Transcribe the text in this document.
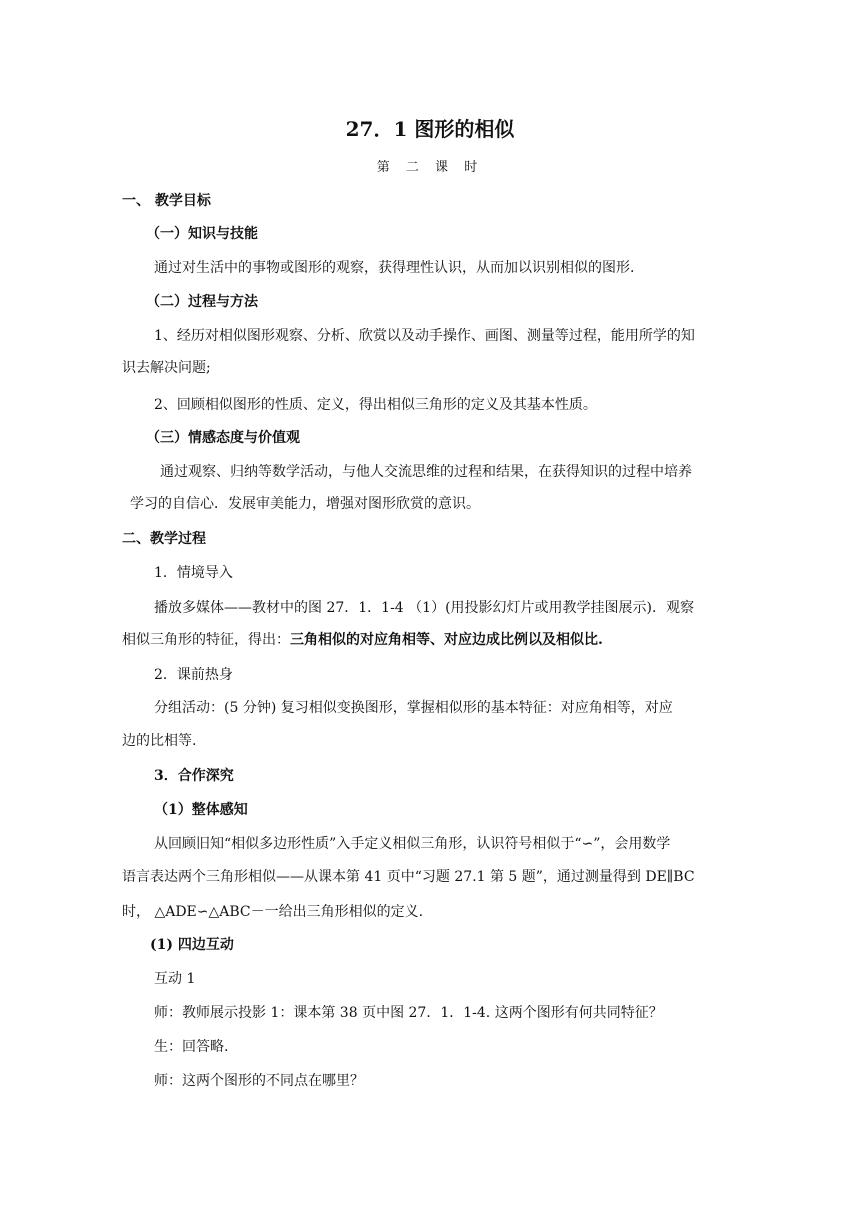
27．1 图形的相似
第 二 课 时
一、 教学目标
（一）知识与技能
通过对生活中的事物或图形的观察，获得理性认识，从而加以识别相似的图形.
（二）过程与方法
1、经历对相似图形观察、分析、欣赏以及动手操作、画图、测量等过程，能用所学的知
识去解决问题;
2、回顾相似图形的性质、定义，得出相似三角形的定义及其基本性质。
（三）情感态度与价值观
通过观察、归纳等数学活动，与他人交流思维的过程和结果，在获得知识的过程中培养
学习的自信心．发展审美能力，增强对图形欣赏的意识。
二、教学过程
1．情境导入
播放多媒体——教材中的图 27．1．1-4 （1）(用投影幻灯片或用教学挂图展示)．观察
相似三角形的特征，得出：三角相似的对应角相等、对应边成比例以及相似比.
2．课前热身
分组活动：(5 分钟) 复习相似变换图形，掌握相似形的基本特征：对应角相等，对应
边的比相等.
3．合作深究
（1）整体感知
从回顾旧知“相似多边形性质”入手定义相似三角形，认识符号相似于“∽”，会用数学
语言表达两个三角形相似——从课本第 41 页中“习题 27.1 第 5 题”，通过测量得到 DE∥BC
时， △ADE∽△ABC－一给出三角形相似的定义.
(1) 四边互动
互动 1
师：教师展示投影 1：课本第 38 页中图 27．1．1-4. 这两个图形有何共同特征？
生：回答略.
师：这两个图形的不同点在哪里？
